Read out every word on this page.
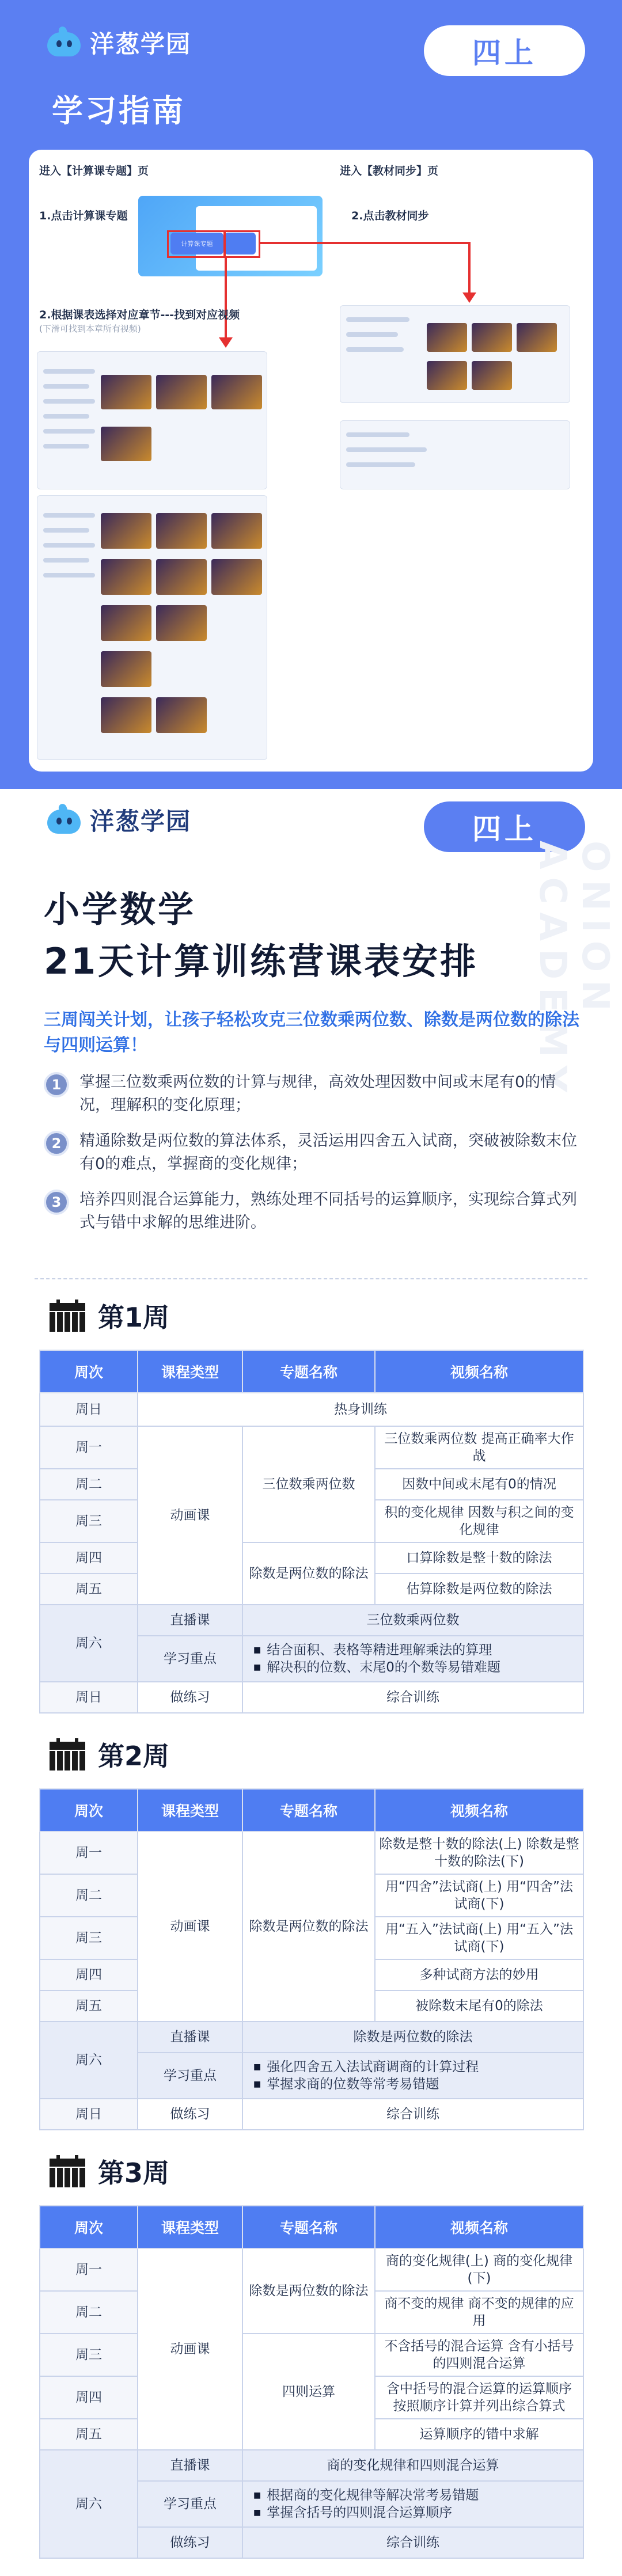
洋葱学园	四上
学习指南
进入【计算课专题】页	进入【教材同步】页
1.点击计算课专题	2.点击教材同步
计算课专题
2.根据课表选择对应章节---找到对应视频
(下滑可找到本章所有视频)
洋葱学园	四上
ONION ACADEMY
小学数学
21天计算训练营课表安排
三周闯关计划，让孩子轻松攻克三位数乘两位数、除数是两位数的除法与四则运算！
1	掌握三位数乘两位数的计算与规律，高效处理因数中间或末尾有0的情况，理解积的变化原理；
2	精通除数是两位数的算法体系，灵活运用四舍五入试商，突破被除数末位有0的难点，掌握商的变化规律；
3	培养四则混合运算能力，熟练处理不同括号的运算顺序，实现综合算式列式与错中求解的思维进阶。
第1周
周次	课程类型	专题名称	视频名称
周日	热身训练		
周一	动画课	三位数乘两位数	三位数乘两位数 提高正确率大作战
周二			因数中间或末尾有0的情况
周三			积的变化规律 因数与积之间的变化规律
周四		除数是两位数的除法	口算除数是整十数的除法
周五			估算除数是两位数的除法
周六	直播课	三位数乘两位数	
	学习重点	■ 结合面积、表格等精进理解乘法的算理
■ 解决积的位数、末尾0的个数等易错难题

周日	做练习	综合训练	
第2周
周次	课程类型	专题名称	视频名称
周一	动画课	除数是两位数的除法	除数是整十数的除法(上) 除数是整十数的除法(下)
周二			用“四舍”法试商(上) 用“四舍”法试商(下)
周三			用“五入”法试商(上) 用“五入”法试商(下)
周四			多种试商方法的妙用
周五			被除数末尾有0的除法
周六	直播课	除数是两位数的除法	
	学习重点	■ 强化四舍五入法试商调商的计算过程
■ 掌握求商的位数等常考易错题

周日	做练习	综合训练	
第3周
周次	课程类型	专题名称	视频名称
周一	动画课	除数是两位数的除法	商的变化规律(上) 商的变化规律(下)
周二			商不变的规律 商不变的规律的应用
周三		四则运算	不含括号的混合运算 含有小括号的四则混合运算
周四			含中括号的混合运算的运算顺序 按照顺序计算并列出综合算式
周五			运算顺序的错中求解
周六	直播课	商的变化规律和四则混合运算	
	学习重点	■ 根据商的变化规律等解决常考易错题
■ 掌握含括号的四则混合运算顺序

	做练习	综合训练	
